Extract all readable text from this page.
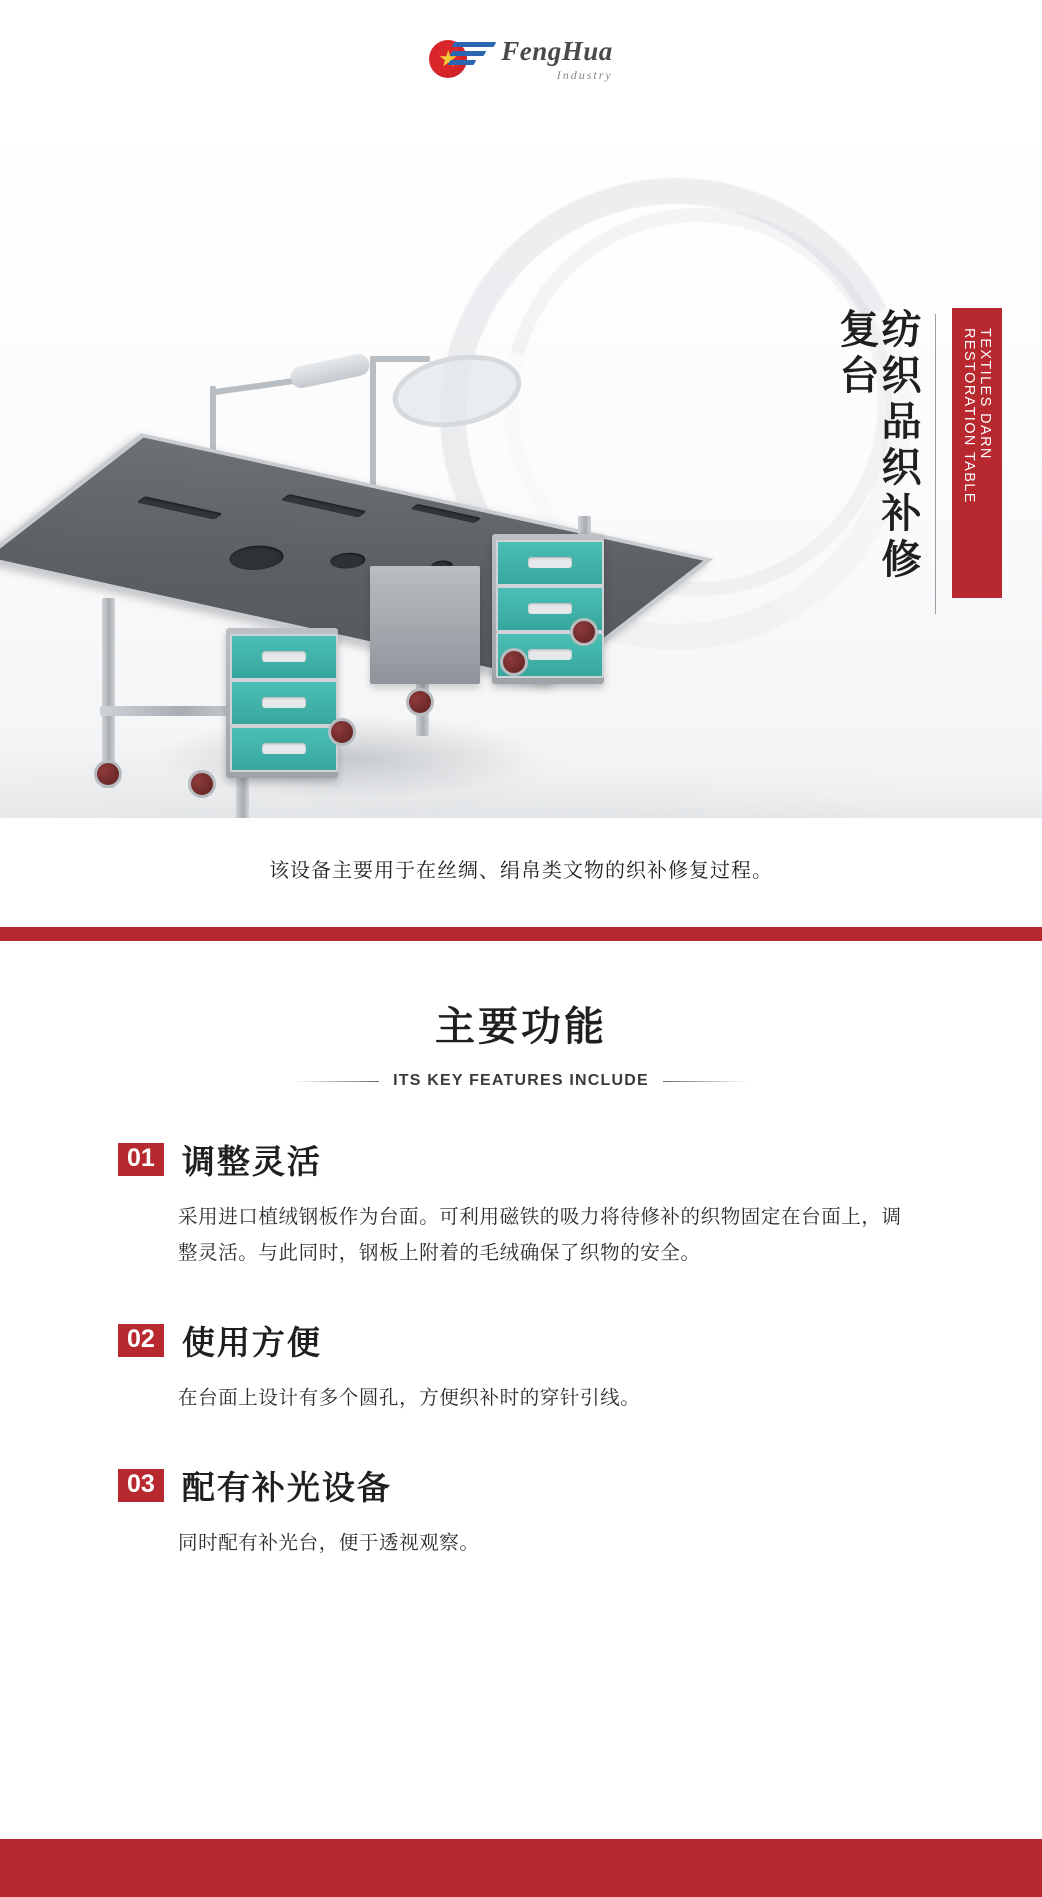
FengHua
Industry
纺织品织补修复台	TEXTILES DARN RESTORATION TABLE
该设备主要用于在丝绸、绢帛类文物的织补修复过程。
主要功能
ITS KEY FEATURES INCLUDE
01 调整灵活
采用进口植绒钢板作为台面。可利用磁铁的吸力将待修补的织物固定在台面上，调整灵活。与此同时，钢板上附着的毛绒确保了织物的安全。
02 使用方便
在台面上设计有多个圆孔，方便织补时的穿针引线。
03 配有补光设备
同时配有补光台，便于透视观察。
